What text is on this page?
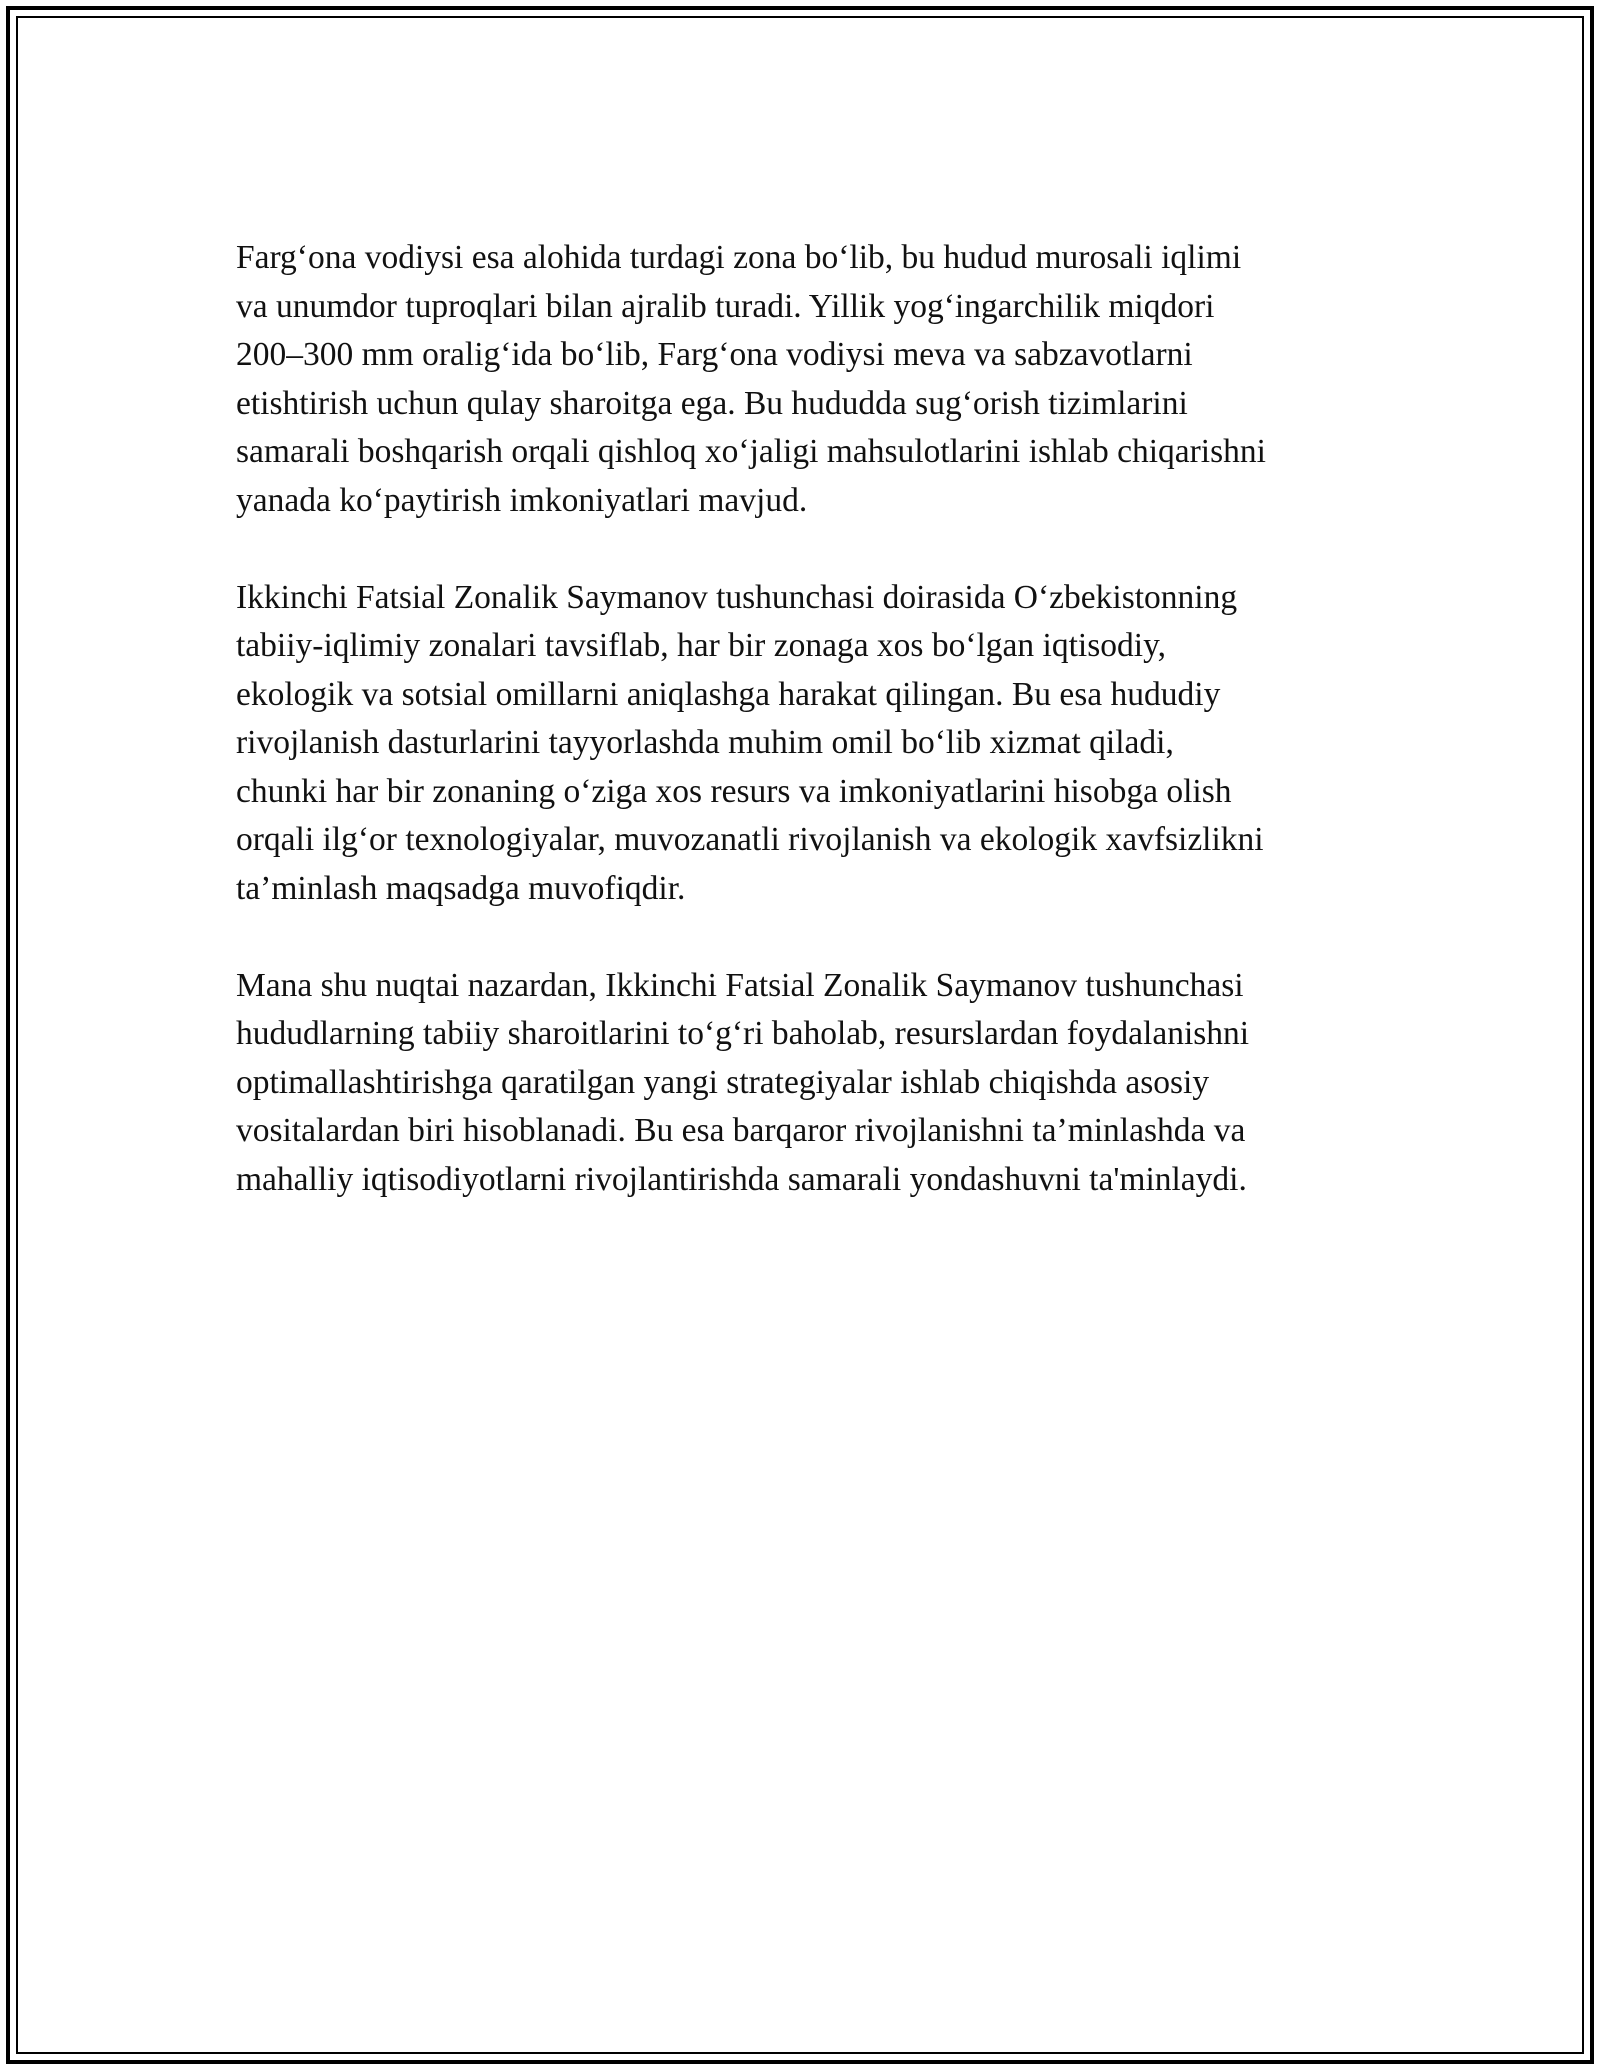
Farg‘ona vodiysi esa alohida turdagi zona bo‘lib, bu hudud murosali iqlimi
va unumdor tuproqlari bilan ajralib turadi. Yillik yog‘ingarchilik miqdori
200–300 mm oralig‘ida bo‘lib, Farg‘ona vodiysi meva va sabzavotlarni
etishtirish uchun qulay sharoitga ega. Bu hududda sug‘orish tizimlarini
samarali boshqarish orqali qishloq xo‘jaligi mahsulotlarini ishlab chiqarishni
yanada ko‘paytirish imkoniyatlari mavjud.

Ikkinchi Fatsial Zonalik Saymanov tushunchasi doirasida O‘zbekistonning
tabiiy-iqlimiy zonalari tavsiflab, har bir zonaga xos bo‘lgan iqtisodiy,
ekologik va sotsial omillarni aniqlashga harakat qilingan. Bu esa hududiy
rivojlanish dasturlarini tayyorlashda muhim omil bo‘lib xizmat qiladi,
chunki har bir zonaning o‘ziga xos resurs va imkoniyatlarini hisobga olish
orqali ilg‘or texnologiyalar, muvozanatli rivojlanish va ekologik xavfsizlikni
ta’minlash maqsadga muvofiqdir.

Mana shu nuqtai nazardan, Ikkinchi Fatsial Zonalik Saymanov tushunchasi
hududlarning tabiiy sharoitlarini to‘g‘ri baholab, resurslardan foydalanishni
optimallashtirishga qaratilgan yangi strategiyalar ishlab chiqishda asosiy
vositalardan biri hisoblanadi. Bu esa barqaror rivojlanishni ta’minlashda va
mahalliy iqtisodiyotlarni rivojlantirishda samarali yondashuvni ta'minlaydi.
